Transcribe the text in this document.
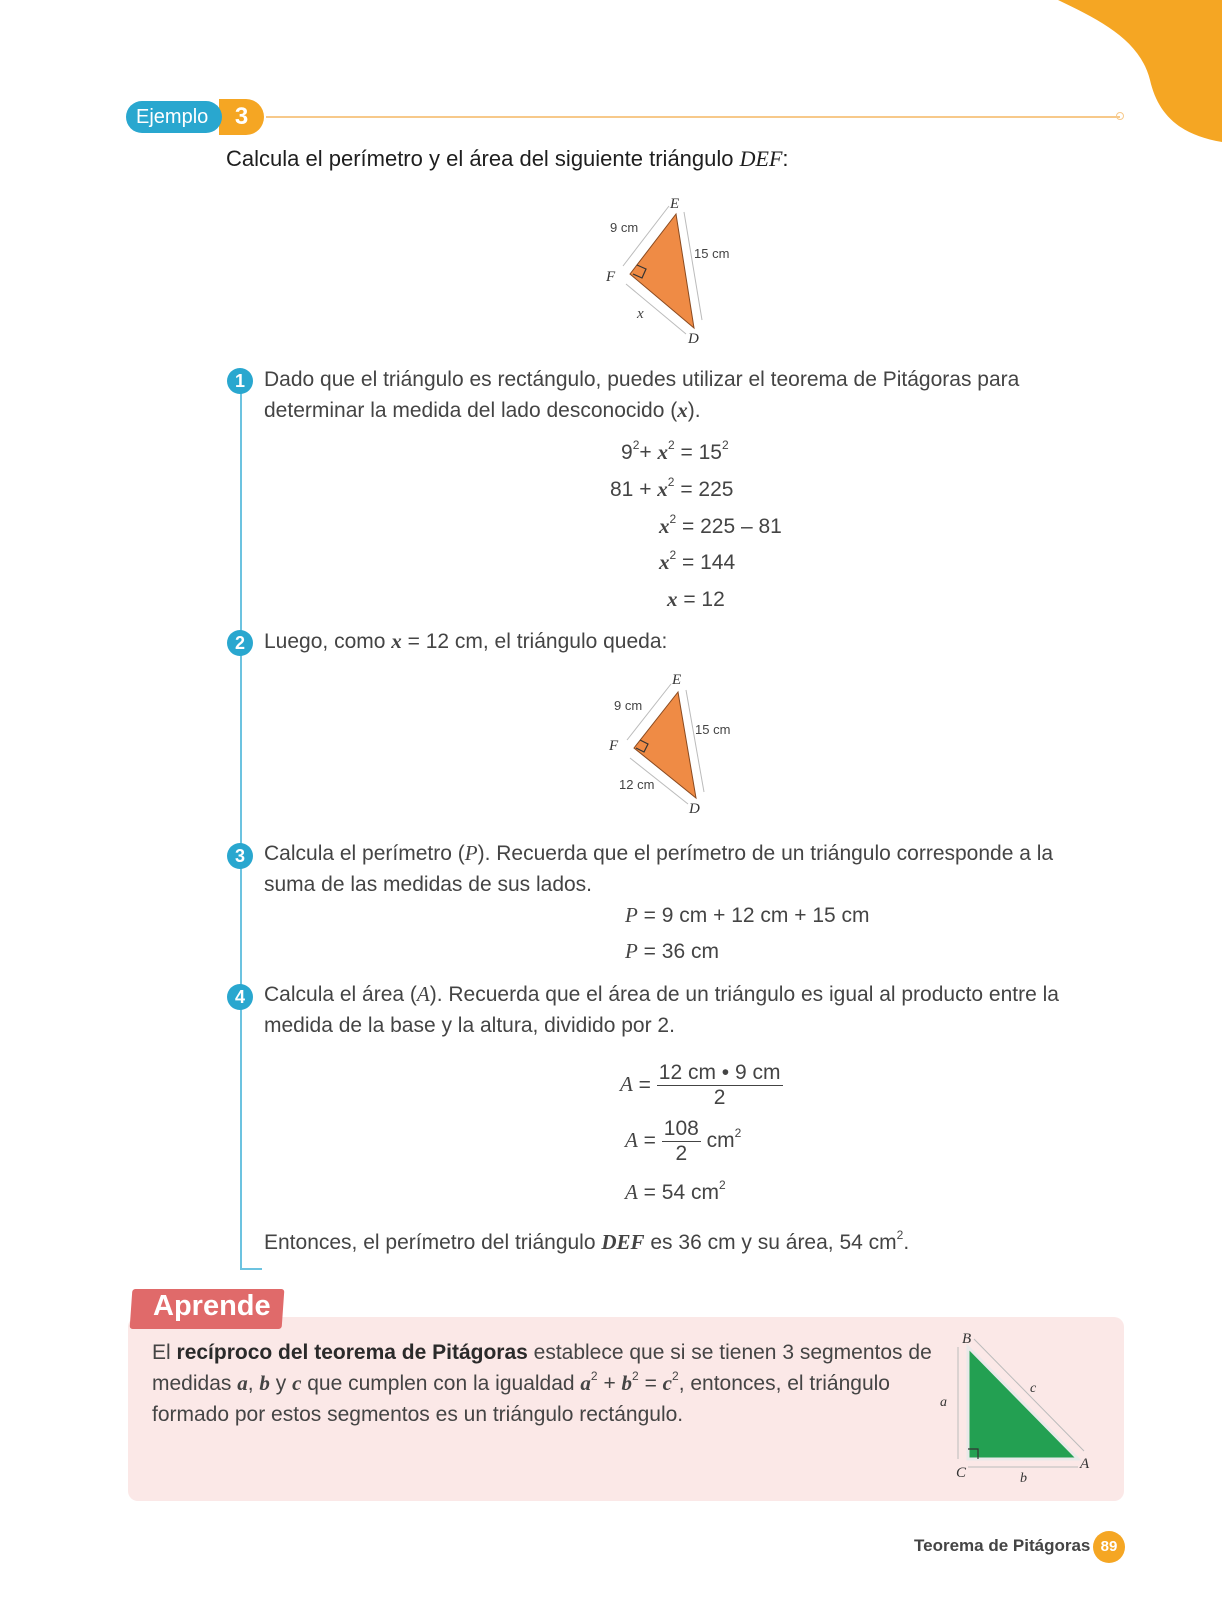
3
Ejemplo
Calcula el perímetro y el área del siguiente triángulo DEF:
E
F
D
9 cm
15 cm
x
1 Dado que el triángulo es rectángulo, puedes utilizar el teorema de Pitágoras para determinar la medida del lado desconocido (x).
$9^2+ x^2 = 15^2$
$81 + x^2 = 225$
$x^2 = 225 - 81$
$x^2 = 144$
x = 12
2 Luego, como x = 12 cm, el triángulo queda:
E
F
D
9 cm
15 cm
12 cm
3 Calcula el perímetro (P). Recuerda que el perímetro de un triángulo corresponde a la suma de las medidas de sus lados.
P = 9 cm + 12 cm + 15 cm
P = 36 cm
4 Calcula el área (A). Recuerda que el área de un triángulo es igual al producto entre la medida de la base y la altura, dividido por 2.
$A = \frac{12 cm • 9 cm}{2}$
$A = \frac{108}{2} cm^2$
A = 54 $cm^2$
Entonces, el perímetro del triángulo DEF es 36 cm y su área, 54 $cm^2$.
Aprende
El recíproco del teorema de Pitágoras establece que si se tienen 3 segmentos de medidas a, b y c que cumplen con la igualdad $a^2 + b^2 = c^2$, entonces, el triángulo formado por estos segmentos es un triángulo rectángulo.
B
C
A
a
b
c
Teorema de Pitágoras 89
